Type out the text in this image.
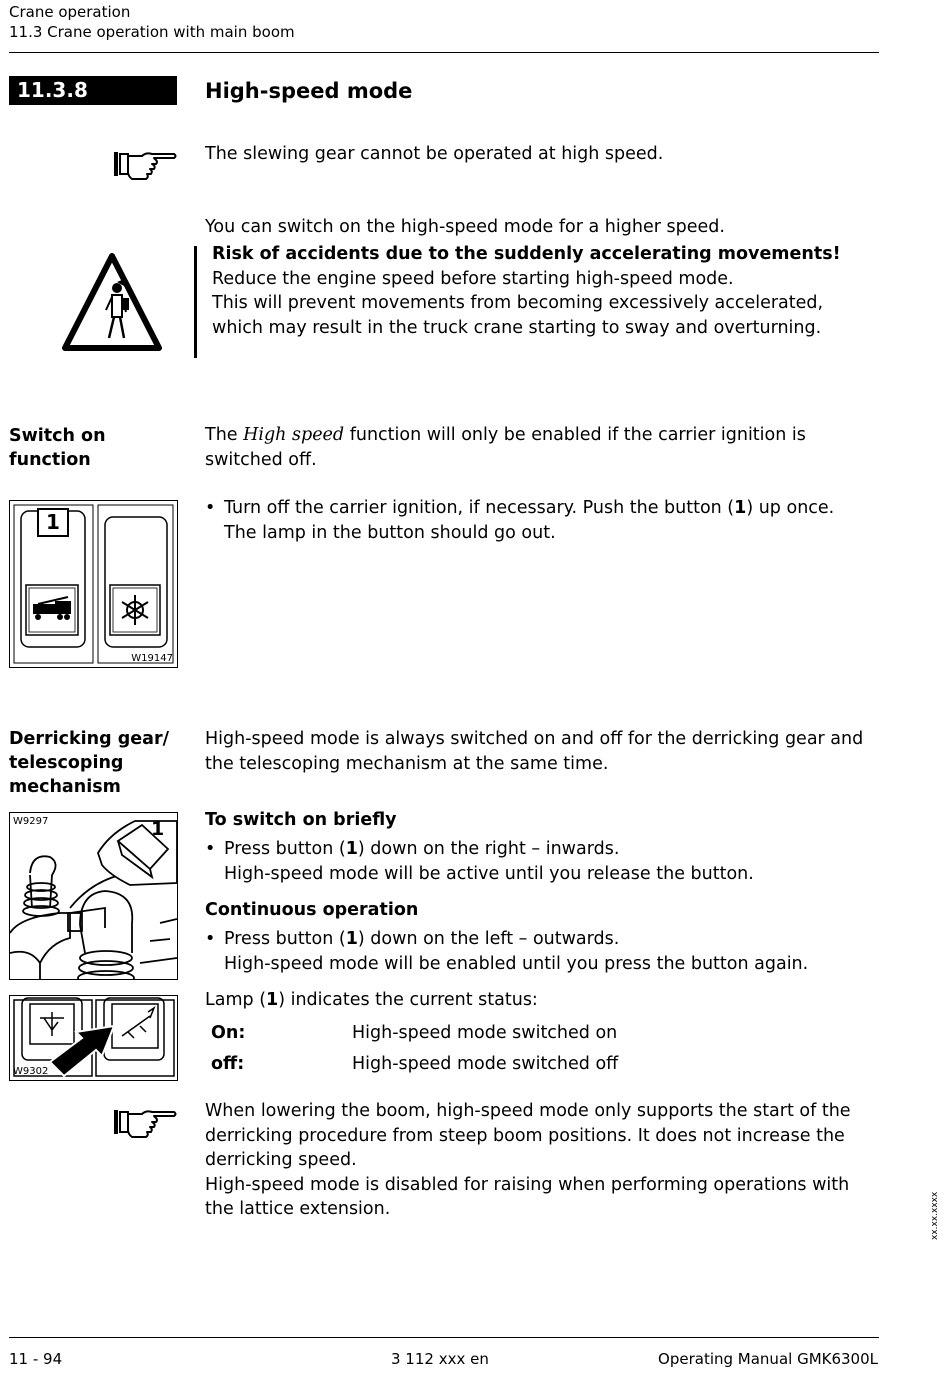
Crane operation
11.3 Crane operation with main boom
11.3.8	High-speed mode
The slewing gear cannot be operated at high speed.
You can switch on the high-speed mode for a higher speed.
Risk of accidents due to the suddenly accelerating movements!
Reduce the engine speed before starting high-speed mode.
This will prevent movements from becoming excessively accelerated,
which may result in the truck crane starting to sway and overturning.
Switch on
function
The High speed function will only be enabled if the carrier ignition is
switched off.
• Turn off the carrier ignition, if necessary. Push the button (1) up once.
The lamp in the button should go out.
1
W19147
Derricking gear/
telescoping
mechanism
High-speed mode is always switched on and off for the derricking gear and
the telescoping mechanism at the same time.
To switch on briefly
• Press button (1) down on the right – inwards.
High-speed mode will be active until you release the button.
Continuous operation
• Press button (1) down on the left – outwards.
High-speed mode will be enabled until you press the button again.
Lamp (1) indicates the current status:
On:	High-speed mode switched on
off:	High-speed mode switched off
W9297	1
W9302
When lowering the boom, high-speed mode only supports the start of the
derricking procedure from steep boom positions. It does not increase the
derricking speed.
High-speed mode is disabled for raising when performing operations with
the lattice extension.	xx.xx.xxxx
11 - 94	3 112 xxx en	Operating Manual GMK6300L
